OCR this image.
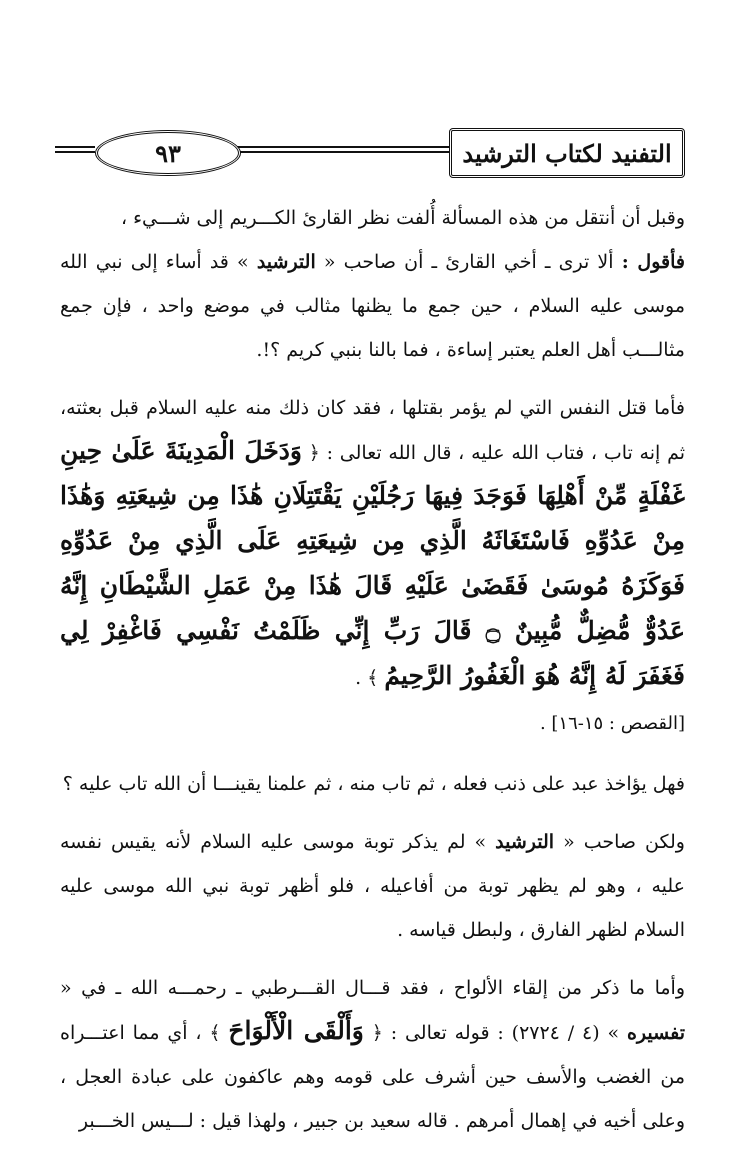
التفنيد لكتاب الترشيد
٩٣

وقبل أن أنتقل من هذه المسألة أُلفت نظر القارئ الكـــريم إلى شـــيء ،

فأقول : ألا ترى ـ أخي القارئ ـ أن صاحب « الترشيد » قد أساء إلى نبي الله موسى عليه السلام ، حين جمع ما يظنها مثالب في موضع واحد ، فإن جمع مثالـــب أهل العلم يعتبر إساءة ، فما بالنا بنبي كريم ؟!.

فأما قتل النفس التي لم يؤمر بقتلها ، فقد كان ذلك منه عليه السلام قبل بعثته، ثم إنه تاب ، فتاب الله عليه ، قال الله تعالى : ﴿ وَدَخَلَ الْمَدِينَةَ عَلَىٰ حِينِ غَفْلَةٍ مِّنْ أَهْلِهَا فَوَجَدَ فِيهَا رَجُلَيْنِ يَقْتَتِلَانِ هَٰذَا مِن شِيعَتِهِ وَهَٰذَا مِنْ عَدُوِّهِ فَاسْتَغَاثَهُ الَّذِي مِن شِيعَتِهِ عَلَى الَّذِي مِنْ عَدُوِّهِ فَوَكَزَهُ مُوسَىٰ فَقَضَىٰ عَلَيْهِ قَالَ هَٰذَا مِنْ عَمَلِ الشَّيْطَانِ إِنَّهُ عَدُوٌّ مُّضِلٌّ مُّبِينٌ ۝ قَالَ رَبِّ إِنِّي ظَلَمْتُ نَفْسِي فَاغْفِرْ لِي فَغَفَرَ لَهُ إِنَّهُ هُوَ الْغَفُورُ الرَّحِيمُ ﴾ .

[القصص : ١٥-١٦] .

فهل يؤاخذ عبد على ذنب فعله ، ثم تاب منه ، ثم علمنا يقينـــا أن الله تاب عليه ؟

ولكن صاحب « الترشيد » لم يذكر توبة موسى عليه السلام لأنه يقيس نفسه عليه ، وهو لم يظهر توبة من أفاعيله ، فلو أظهر توبة نبي الله موسى عليه السلام لظهر الفارق ، ولبطل قياسه .

وأما ما ذكر من إلقاء الألواح ، فقد قـــال القـــرطبي ـ رحمـــه الله ـ في « تفسيره » (٤ / ٢٧٢٤) : قوله تعالى : ﴿ وَأَلْقَى الْأَلْوَاحَ ﴾ ، أي مما اعتـــراه من الغضب والأسف حين أشرف على قومه وهم عاكفون على عبادة العجل ، وعلى أخيه في إهمال أمرهم . قاله سعيد بن جبير ، ولهذا قيل : لـــيس الخـــبر
